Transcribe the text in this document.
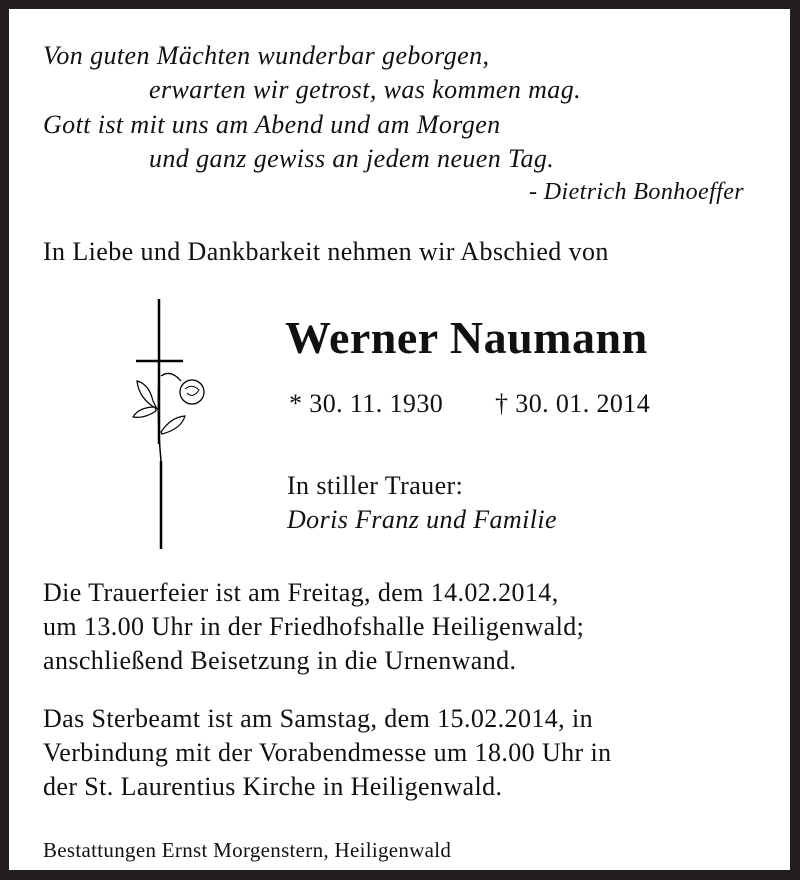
Von guten Mächten wunderbar geborgen,
erwarten wir getrost, was kommen mag.
Gott ist mit uns am Abend und am Morgen
und ganz gewiss an jedem neuen Tag.
- Dietrich Bonhoeffer
In Liebe und Dankbarkeit nehmen wir Abschied von
Werner Naumann
* 30. 11. 1930 † 30. 01. 2014
In stiller Trauer:
Doris Franz und Familie
Die Trauerfeier ist am Freitag, dem 14.02.2014,
um 13.00 Uhr in der Friedhofshalle Heiligenwald;
anschließend Beisetzung in die Urnenwand.
Das Sterbeamt ist am Samstag, dem 15.02.2014, in
Verbindung mit der Vorabendmesse um 18.00 Uhr in
der St. Laurentius Kirche in Heiligenwald.
Bestattungen Ernst Morgenstern, Heiligenwald
